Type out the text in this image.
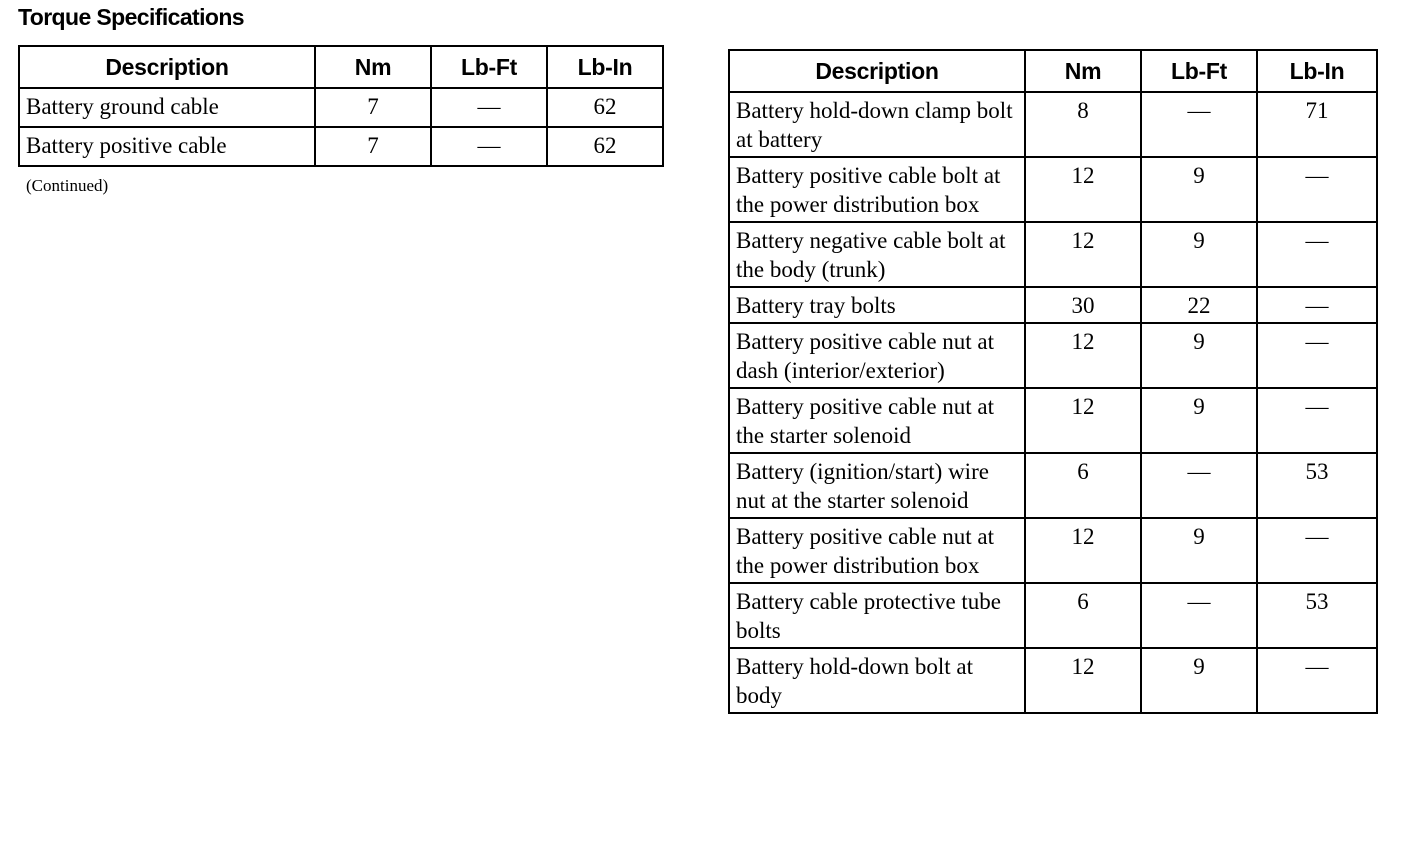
Torque Specifications
Description	Nm	Lb-Ft	Lb-In
Battery ground cable	7	—	62
Battery positive cable	7	—	62
(Continued)
Description	Nm	Lb-Ft	Lb-In
Battery hold-down clamp bolt at battery	8	—	71
Battery positive cable bolt at the power distribution box	12	9	—
Battery negative cable bolt at the body (trunk)	12	9	—
Battery tray bolts	30	22	—
Battery positive cable nut at dash (interior/exterior)	12	9	—
Battery positive cable nut at the starter solenoid	12	9	—
Battery (ignition/start) wire nut at the starter solenoid	6	—	53
Battery positive cable nut at the power distribution box	12	9	—
Battery cable protective tube bolts	6	—	53
Battery hold-down bolt at body	12	9	—
